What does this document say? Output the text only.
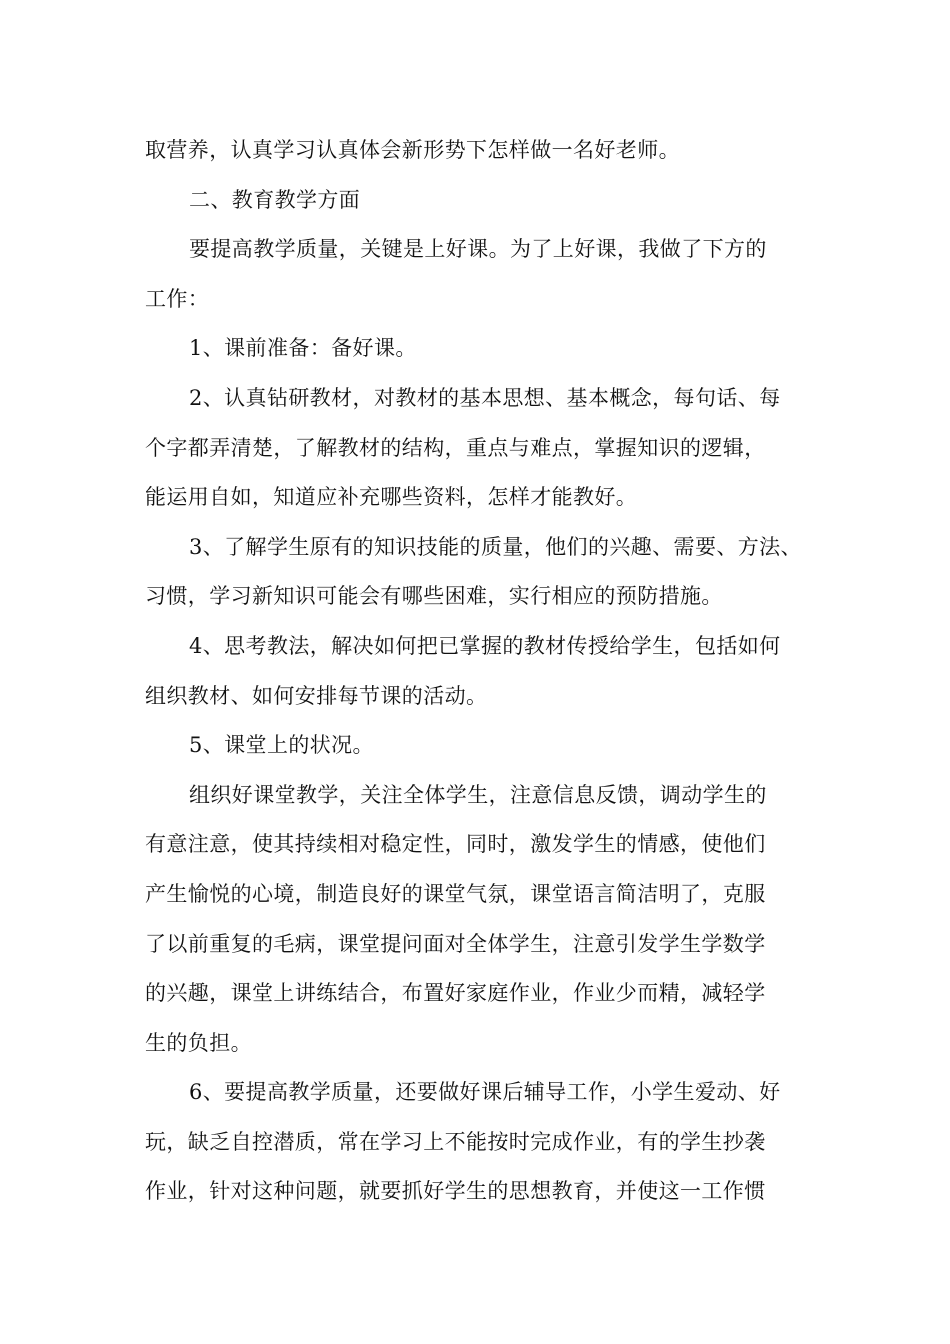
取营养，认真学习认真体会新形势下怎样做一名好老师。
二、教育教学方面
要提高教学质量，关键是上好课。为了上好课，我做了下方的
工作：
1、课前准备：备好课。
2、认真钻研教材，对教材的基本思想、基本概念，每句话、每
个字都弄清楚，了解教材的结构，重点与难点，掌握知识的逻辑，
能运用自如，知道应补充哪些资料，怎样才能教好。
3、了解学生原有的知识技能的质量，他们的兴趣、需要、方法、
习惯，学习新知识可能会有哪些困难，实行相应的预防措施。
4、思考教法，解决如何把已掌握的教材传授给学生，包括如何
组织教材、如何安排每节课的活动。
5、课堂上的状况。
组织好课堂教学，关注全体学生，注意信息反馈，调动学生的
有意注意，使其持续相对稳定性，同时，激发学生的情感，使他们
产生愉悦的心境，制造良好的课堂气氛，课堂语言简洁明了，克服
了以前重复的毛病，课堂提问面对全体学生，注意引发学生学数学
的兴趣，课堂上讲练结合，布置好家庭作业，作业少而精，减轻学
生的负担。
6、要提高教学质量，还要做好课后辅导工作，小学生爱动、好
玩，缺乏自控潜质，常在学习上不能按时完成作业，有的学生抄袭
作业，针对这种问题，就要抓好学生的思想教育，并使这一工作惯
